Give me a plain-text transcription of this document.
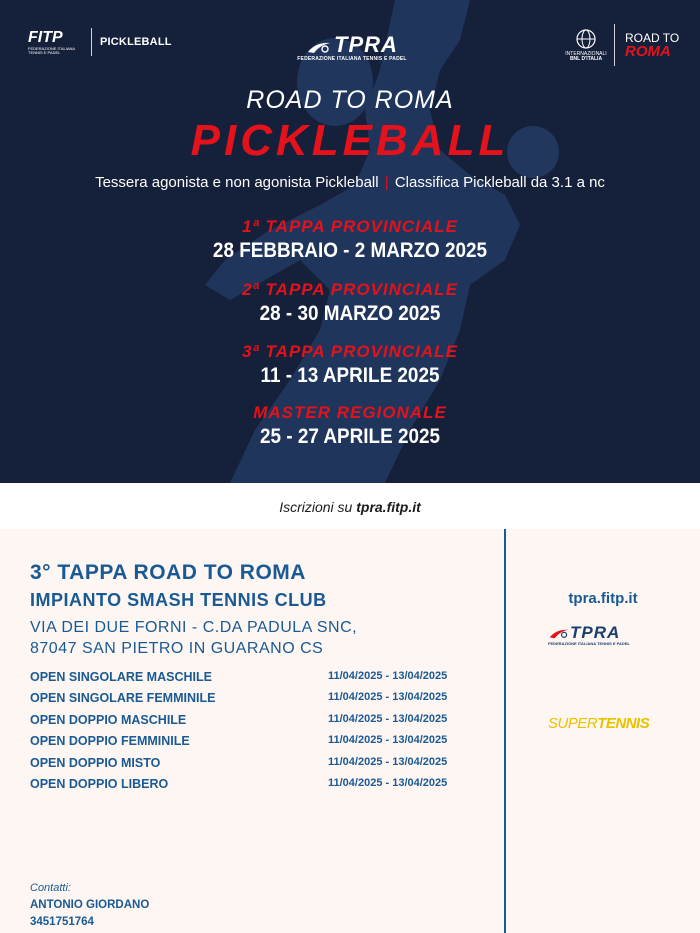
FITP
FEDERAZIONE ITALIANA TENNIS E PADEL
PICKLEBALL	TPRA
FEDERAZIONE ITALIANA TENNIS E PADEL
INTERNAZIONALI
BNL D'ITALIA
ROAD TO
ROMA
ROAD TO ROMA
PICKLEBALL
Tessera agonista e non agonista Pickleball | Classifica Pickleball da 3.1 a nc
1ª TAPPA PROVINCIALE
28 FEBBRAIO - 2 MARZO 2025
2ª TAPPA PROVINCIALE
28 - 30 MARZO 2025
3ª TAPPA PROVINCIALE
11 - 13 APRILE 2025
MASTER REGIONALE
25 - 27 APRILE 2025
Iscrizioni su tpra.fitp.it
3° TAPPA ROAD TO ROMA
IMPIANTO SMASH TENNIS CLUB
VIA DEI DUE FORNI - C.DA PADULA SNC,
87047 SAN PIETRO IN GUARANO CS
OPEN SINGOLARE MASCHILE	11/04/2025 - 13/04/2025
OPEN SINGOLARE FEMMINILE	11/04/2025 - 13/04/2025
OPEN DOPPIO MASCHILE	11/04/2025 - 13/04/2025
OPEN DOPPIO FEMMINILE	11/04/2025 - 13/04/2025
OPEN DOPPIO MISTO	11/04/2025 - 13/04/2025
OPEN DOPPIO LIBERO	11/04/2025 - 13/04/2025
Contatti:
ANTONIO GIORDANO
3451751764
tpra.fitp.it
TPRA
FEDERAZIONE ITALIANA TENNIS E PADEL
SUPERTENNIS
